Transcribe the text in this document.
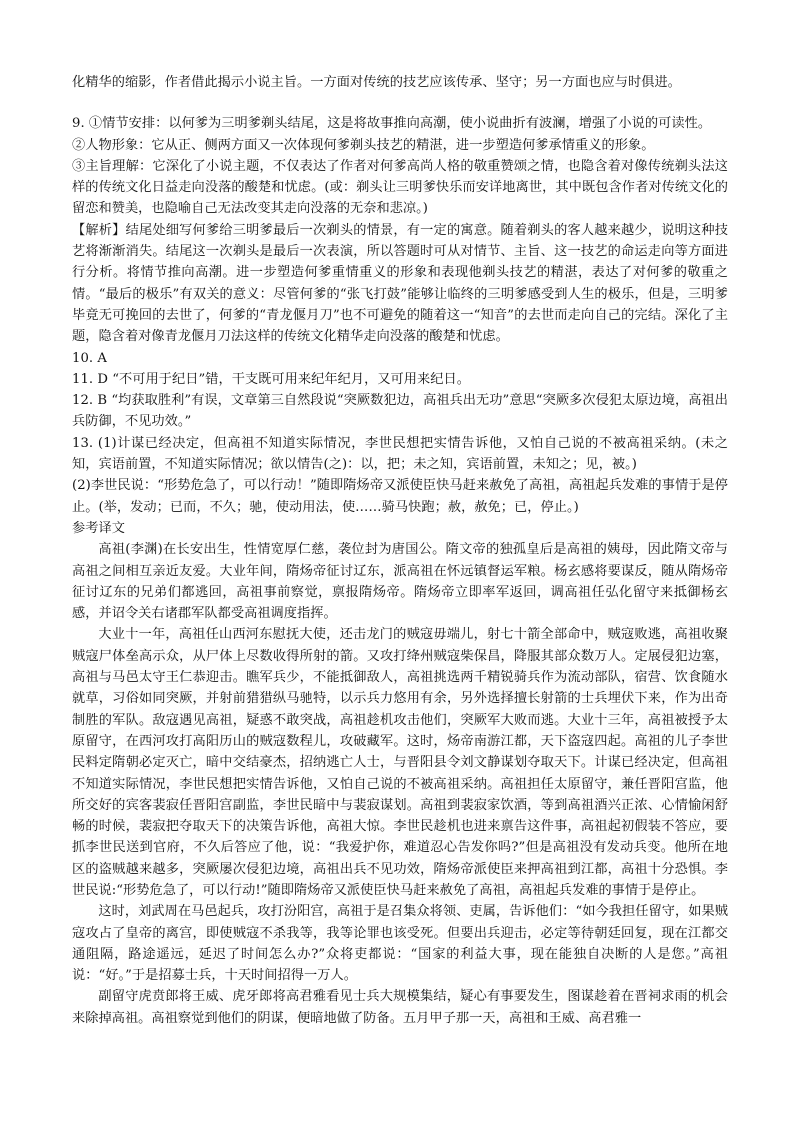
化精华的缩影，作者借此揭示小说主旨。一方面对传统的技艺应该传承、坚守；另一方面也应与时俱进。

9. ①情节安排：以何爹为三明爹剃头结尾，这是将故事推向高潮，使小说曲折有波澜，增强了小说的可读性。

②人物形象：它从正、侧两方面又一次体现何爹剃头技艺的精湛，进一步塑造何爹承情重义的形象。

③主旨理解：它深化了小说主题，不仅表达了作者对何爹高尚人格的敬重赞颂之情，也隐含着对像传统剃头法这样的传统文化日益走向没落的酸楚和忧虑。(或：剃头让三明爹快乐而安详地离世，其中既包含作者对传统文化的留恋和赞美，也隐喻自己无法改变其走向没落的无奈和悲凉。)

【解析】结尾处细写何爹给三明爹最后一次剃头的情景，有一定的寓意。随着剃头的客人越来越少，说明这种技艺将渐渐消失。结尾这一次剃头是最后一次表演，所以答题时可从对情节、主旨、这一技艺的命运走向等方面进行分析。将情节推向高潮。进一步塑造何爹重情重义的形象和表现他剃头技艺的精湛，表达了对何爹的敬重之情。“最后的极乐”有双关的意义：尽管何爹的“张飞打鼓”能够让临终的三明爹感受到人生的极乐，但是，三明爹毕竟无可挽回的去世了，何爹的“青龙偃月刀”也不可避免的随着这一“知音”的去世而走向自己的完结。深化了主题，隐含着对像青龙偃月刀法这样的传统文化精华走向没落的酸楚和忧虑。

10. A

11. D “不可用于纪日”错，干支既可用来纪年纪月，又可用来纪日。

12. B “均获取胜利”有误，文章第三自然段说“突厥数犯边，高祖兵出无功”意思“突厥多次侵犯太原边境，高祖出兵防御，不见功效。”

13. (1)计谋已经决定，但高祖不知道实际情况，李世民想把实情告诉他，又怕自己说的不被高祖采纳。(未之知，宾语前置，不知道实际情况；欲以情告(之)：以，把；未之知，宾语前置，未知之；见，被。)

(2)李世民说：“形势危急了，可以行动！”随即隋炀帝又派使臣快马赶来赦免了高祖，高祖起兵发难的事情于是停止。(举，发动；已而，不久；驰，使动用法，使……骑马快跑；赦，赦免；已，停止。)

参考译文

高祖(李渊)在长安出生，性情宽厚仁慈，袭位封为唐国公。隋文帝的独孤皇后是高祖的姨母，因此隋文帝与高祖之间相互亲近友爱。大业年间，隋炀帝征讨辽东，派高祖在怀远镇督运军粮。杨玄感将要谋反，随从隋炀帝征讨辽东的兄弟们都逃回，高祖事前察觉，禀报隋炀帝。隋炀帝立即率军返回，调高祖任弘化留守来抵御杨玄感，并诏令关右诸郡军队都受高祖调度指挥。

大业十一年，高祖任山西河东慰抚大使，还击龙门的贼寇毋端儿，射七十箭全部命中，贼寇败逃，高祖收聚贼寇尸体垒高示众，从尸体上尽数收得所射的箭。又攻打绛州贼寇柴保昌，降服其部众数万人。定展侵犯边塞，高祖与马邑太守王仁恭迎击。瞧军兵少，不能抵御敌人，高祖挑选两千精锐骑兵作为流动部队，宿营、饮食随水就草，习俗如同突厥，并射前猎猎纵马驰特，以示兵力悠用有余，另外选择擅长射箭的士兵埋伏下来，作为出奇制胜的军队。敌寇遇见高祖，疑惑不敢突战，高祖趁机攻击他们，突厥军大败而逃。大业十三年，高祖被授予太原留守，在西河攻打高阳历山的贼寇数程儿，攻破藏军。这时，炀帝南游江都，天下盗寇四起。高祖的儿子李世民料定隋朝必定灭亡，暗中交结豪杰，招纳逃亡人士，与晋阳县令刘文静谋划夺取天下。计谋已经决定，但高祖不知道实际情况，李世民想把实情告诉他，又怕自己说的不被高祖采纳。高祖担任太原留守，兼任晋阳宫监，他所交好的宾客裴寂任晋阳宫副监，李世民暗中与裴寂谋划。高祖到裴寂家饮酒，等到高祖酒兴正浓、心情愉闲舒畅的时候，裴寂把夺取天下的决策告诉他，高祖大惊。李世民趁机也进来禀告这件事，高祖起初假装不答应，要抓李世民送到官府，不久后答应了他，说：“我爱护你，难道忍心告发你吗?”但是高祖没有发动兵变。他所在地区的盗贼越来越多，突厥屡次侵犯边境，高祖出兵不见功效，隋炀帝派使臣来押高祖到江都，高祖十分恐惧。李世民说:“形势危急了，可以行动!”随即隋炀帝又派使臣快马赶来赦免了高祖，高祖起兵发难的事情于是停止。

这时，刘武周在马邑起兵，攻打汾阳宫，高祖于是召集众将领、吏属，告诉他们：“如今我担任留守，如果贼寇攻占了皇帝的离宫，即使贼寇不杀我等，我等论罪也该受死。但要出兵迎击，必定等待朝廷回复，现在江都交通阻隔，路途遥远，延迟了时间怎么办?”众将吏都说：“国家的利益大事，现在能独自决断的人是您。”高祖说：“好。”于是招募士兵，十天时间招得一万人。

副留守虎贲郎将王威、虎牙郎将高君雅看见士兵大规模集结，疑心有事要发生，图谋趁着在晋祠求雨的机会来除掉高祖。高祖察觉到他们的阴谋，便暗地做了防备。五月甲子那一天，高祖和王威、高君雅一
